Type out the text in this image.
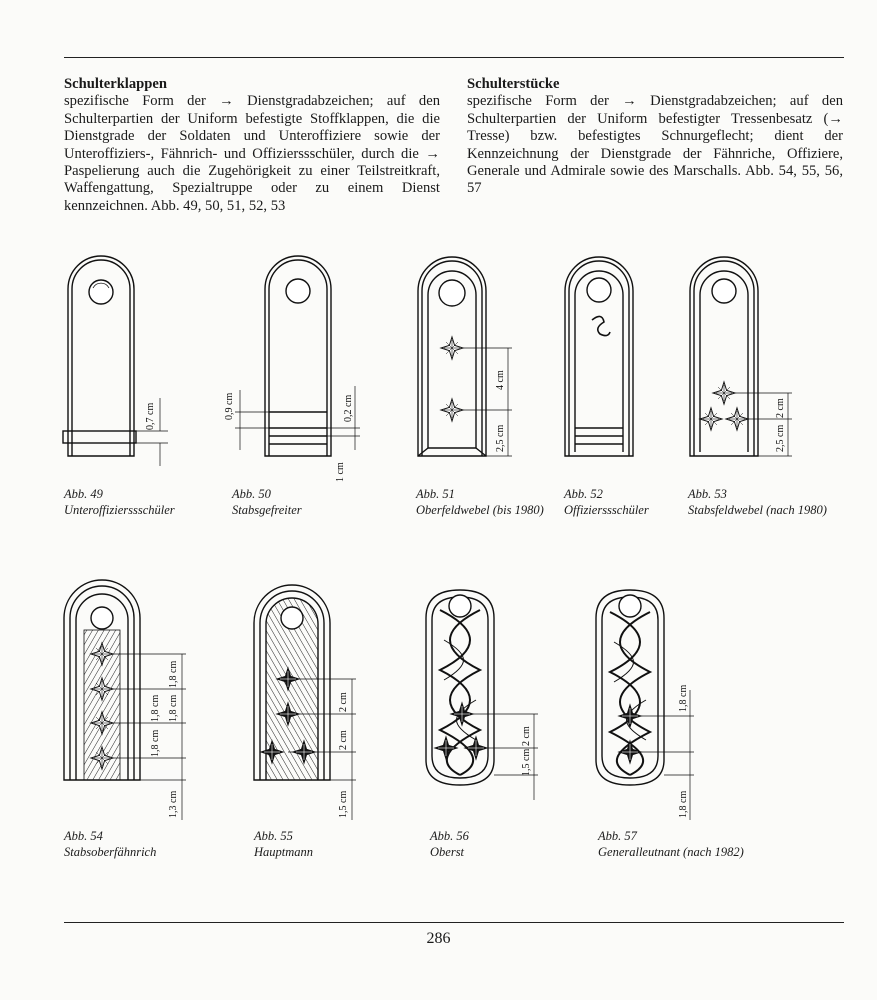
Schulterklappen

spezifische Form der → Dienstgradabzeichen; auf den Schulterpartien der Uniform befestigte Stoffklappen, die die Dienstgrade der Soldaten und Unteroffiziere sowie der Unteroffiziers-, Fähnrich- und Offizierssschüler, durch die → Paspelierung auch die Zugehörigkeit zu einer Teilstreitkraft, Waffengattung, Spezialtruppe oder zu einem Dienst kennzeichnen. Abb. 49, 50, 51, 52, 53

Schulterstücke

spezifische Form der → Dienstgradabzeichen; auf den Schulterpartien der Uniform befestigter Tressenbesatz (→ Tresse) bzw. befestigtes Schnurgeflecht; dient der Kennzeichnung der Dienstgrade der Fähnriche, Offiziere, Generale und Admirale sowie des Marschalls. Abb. 54, 55, 56, 57

0,7 cm	0,9 cm	0,2 cm
1 cm
4 cm
2,5 cm
2 cm
2,5 cm
1,8 cm
1,8 cm 1,8 cm
1,8 cm
1,3 cm
2 cm
2 cm
1,5 cm
2 cm
1,5 cm
1,8 cm
1,8 cm
Abb. 49
Unteroffizierssschüler
Abb. 50
Stabsgefreiter
Abb. 51
Oberfeldwebel (bis 1980)
Abb. 52
Offizierssschüler
Abb. 53
Stabsfeldwebel (nach 1980)
Abb. 54
Stabsoberfähnrich
Abb. 55
Hauptmann
Abb. 56
Oberst
Abb. 57
Generalleutnant (nach 1982)
286
